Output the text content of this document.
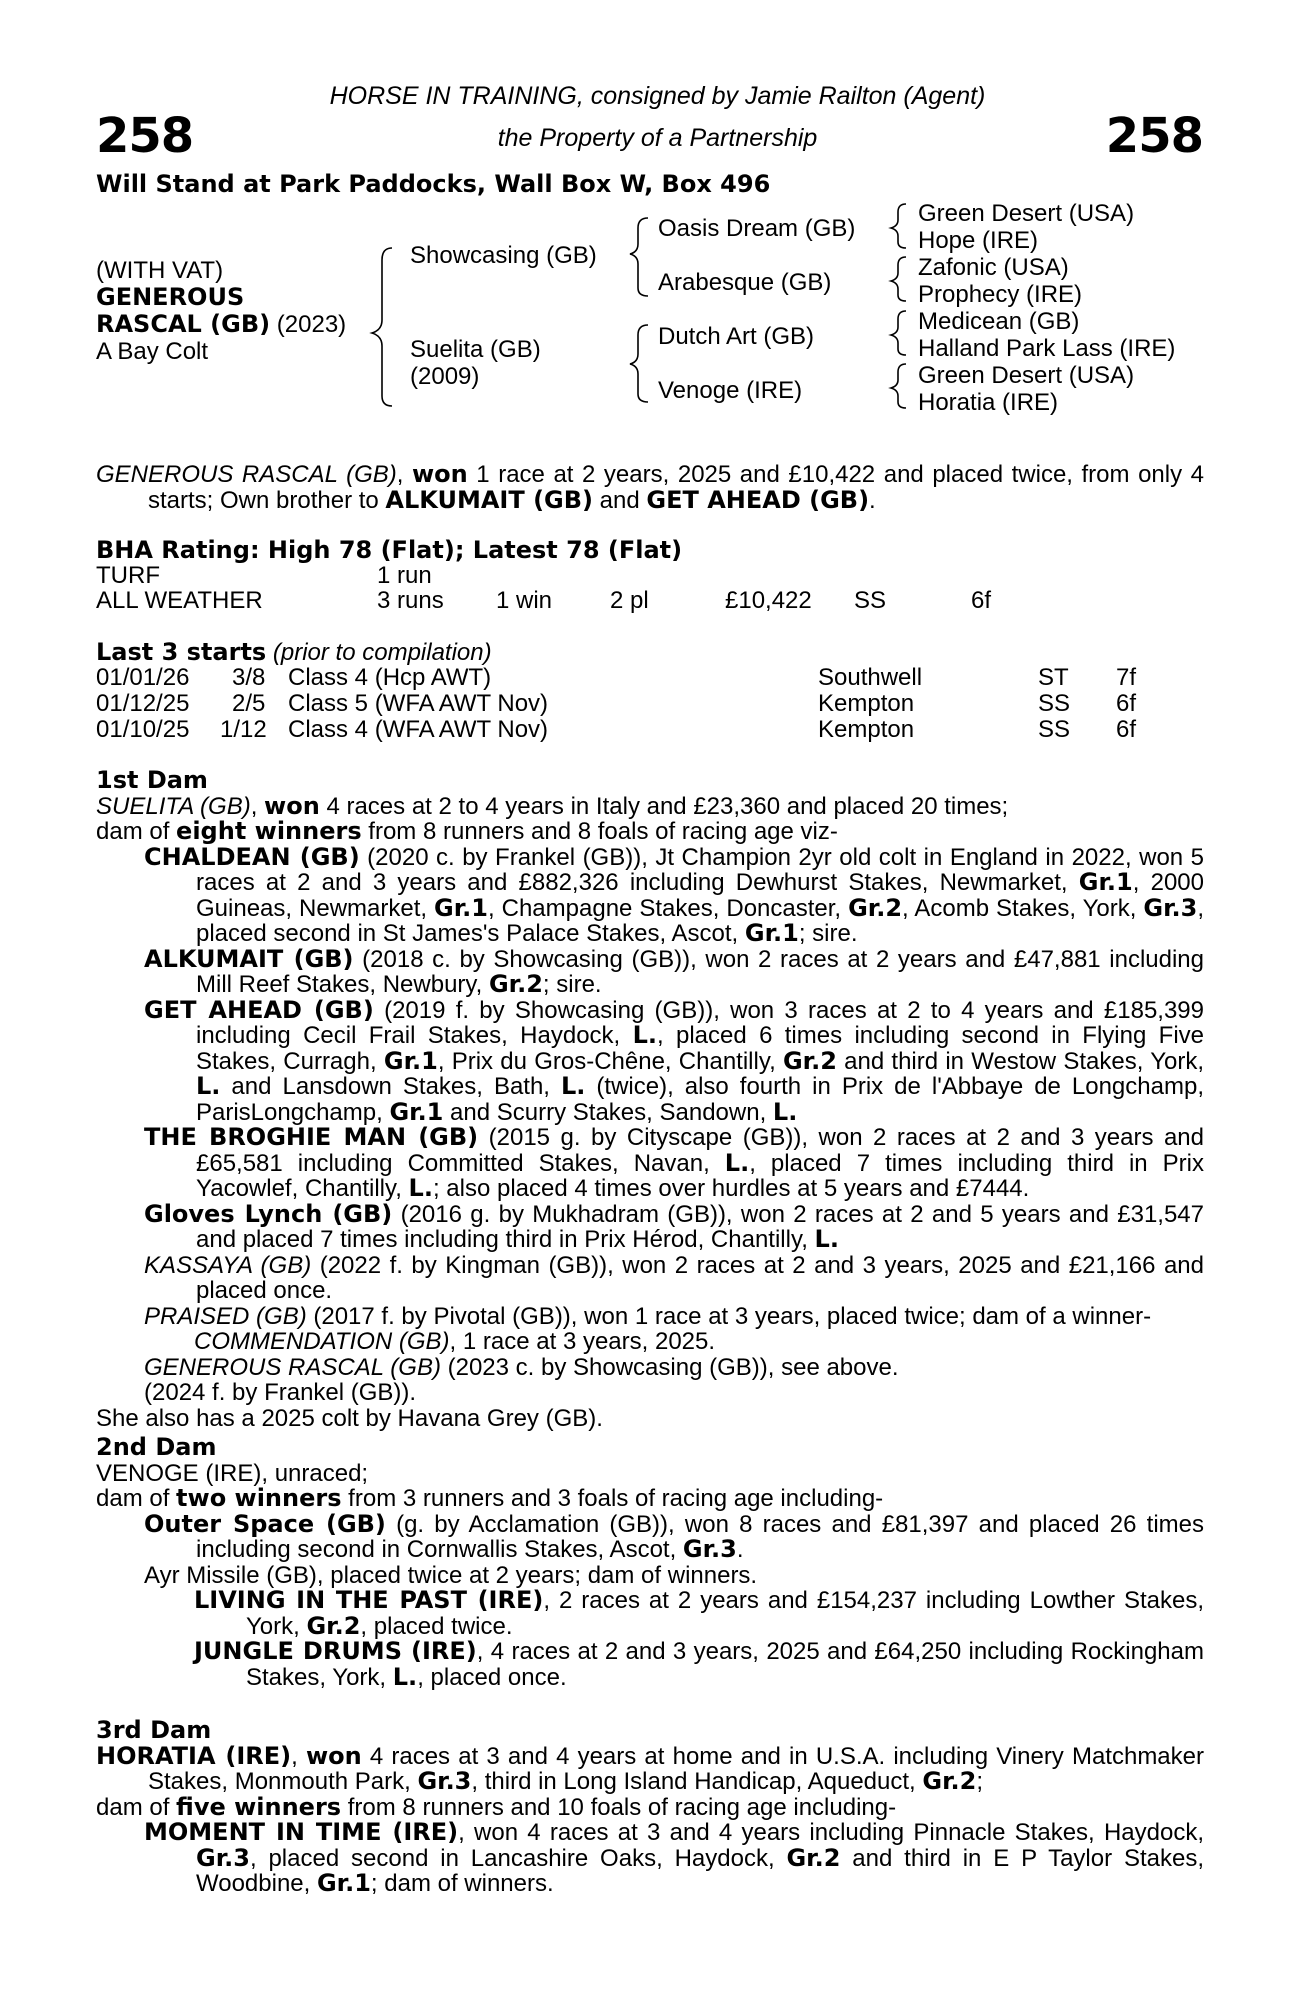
258	258
HORSE IN TRAINING, consigned by Jamie Railton (Agent)
the Property of a Partnership
Will Stand at Park Paddocks, Wall Box W, Box 496
(WITH VAT)
GENEROUS
RASCAL (GB) (2023)
A Bay Colt
Showcasing (GB)
Suelita (GB)
(2009)
Oasis Dream (GB)
Arabesque (GB)
Dutch Art (GB)
Venoge (IRE)
Green Desert (USA)
Hope (IRE)
Zafonic (USA)
Prophecy (IRE)
Medicean (GB)
Halland Park Lass (IRE)
Green Desert (USA)
Horatia (IRE)

GENEROUS RASCAL (GB), won 1 race at 2 years, 2025 and £10,422 and placed twice, from only 4 starts; Own brother to ALKUMAIT (GB) and GET AHEAD (GB).

BHA Rating: High 78 (Flat); Latest 78 (Flat)
TURF	1 run
ALL WEATHER	3 runs 1 win 2 pl	£10,422 SS	6f
Last 3 starts (prior to compilation)
01/01/26 3/8 Class 4 (Hcp AWT)	Southwell	ST 7f
01/12/25 2/5 Class 5 (WFA AWT Nov)	Kempton	SS 6f
01/10/25 1/12 Class 4 (WFA AWT Nov)	Kempton	SS 6f
1st Dam

SUELITA (GB), won 4 races at 2 to 4 years in Italy and £23,360 and placed 20 times;

dam of eight winners from 8 runners and 8 foals of racing age viz-

CHALDEAN (GB) (2020 c. by Frankel (GB)), Jt Champion 2yr old colt in England in 2022, won 5 races at 2 and 3 years and £882,326 including Dewhurst Stakes, Newmarket, Gr.1, 2000 Guineas, Newmarket, Gr.1, Champagne Stakes, Doncaster, Gr.2, Acomb Stakes, York, Gr.3, placed second in St James's Palace Stakes, Ascot, Gr.1; sire.

ALKUMAIT (GB) (2018 c. by Showcasing (GB)), won 2 races at 2 years and £47,881 including Mill Reef Stakes, Newbury, Gr.2; sire.

GET AHEAD (GB) (2019 f. by Showcasing (GB)), won 3 races at 2 to 4 years and £185,399 including Cecil Frail Stakes, Haydock, L., placed 6 times including second in Flying Five Stakes, Curragh, Gr.1, Prix du Gros-Chêne, Chantilly, Gr.2 and third in Westow Stakes, York, L. and Lansdown Stakes, Bath, L. (twice), also fourth in Prix de l'Abbaye de Longchamp, ParisLongchamp, Gr.1 and Scurry Stakes, Sandown, L.

THE BROGHIE MAN (GB) (2015 g. by Cityscape (GB)), won 2 races at 2 and 3 years and £65,581 including Committed Stakes, Navan, L., placed 7 times including third in Prix Yacowlef, Chantilly, L.; also placed 4 times over hurdles at 5 years and £7444.

Gloves Lynch (GB) (2016 g. by Mukhadram (GB)), won 2 races at 2 and 5 years and £31,547 and placed 7 times including third in Prix Hérod, Chantilly, L.

KASSAYA (GB) (2022 f. by Kingman (GB)), won 2 races at 2 and 3 years, 2025 and £21,166 and placed once.

PRAISED (GB) (2017 f. by Pivotal (GB)), won 1 race at 3 years, placed twice; dam of a winner-

COMMENDATION (GB), 1 race at 3 years, 2025.

GENEROUS RASCAL (GB) (2023 c. by Showcasing (GB)), see above.

(2024 f. by Frankel (GB)).

She also has a 2025 colt by Havana Grey (GB).

2nd Dam

VENOGE (IRE), unraced;

dam of two winners from 3 runners and 3 foals of racing age including-

Outer Space (GB) (g. by Acclamation (GB)), won 8 races and £81,397 and placed 26 times including second in Cornwallis Stakes, Ascot, Gr.3.

Ayr Missile (GB), placed twice at 2 years; dam of winners.

LIVING IN THE PAST (IRE), 2 races at 2 years and £154,237 including Lowther Stakes, York, Gr.2, placed twice.

JUNGLE DRUMS (IRE), 4 races at 2 and 3 years, 2025 and £64,250 including Rockingham Stakes, York, L., placed once.

3rd Dam

HORATIA (IRE), won 4 races at 3 and 4 years at home and in U.S.A. including Vinery Matchmaker Stakes, Monmouth Park, Gr.3, third in Long Island Handicap, Aqueduct, Gr.2;

dam of five winners from 8 runners and 10 foals of racing age including-

MOMENT IN TIME (IRE), won 4 races at 3 and 4 years including Pinnacle Stakes, Haydock, Gr.3, placed second in Lancashire Oaks, Haydock, Gr.2 and third in E P Taylor Stakes, Woodbine, Gr.1; dam of winners.
